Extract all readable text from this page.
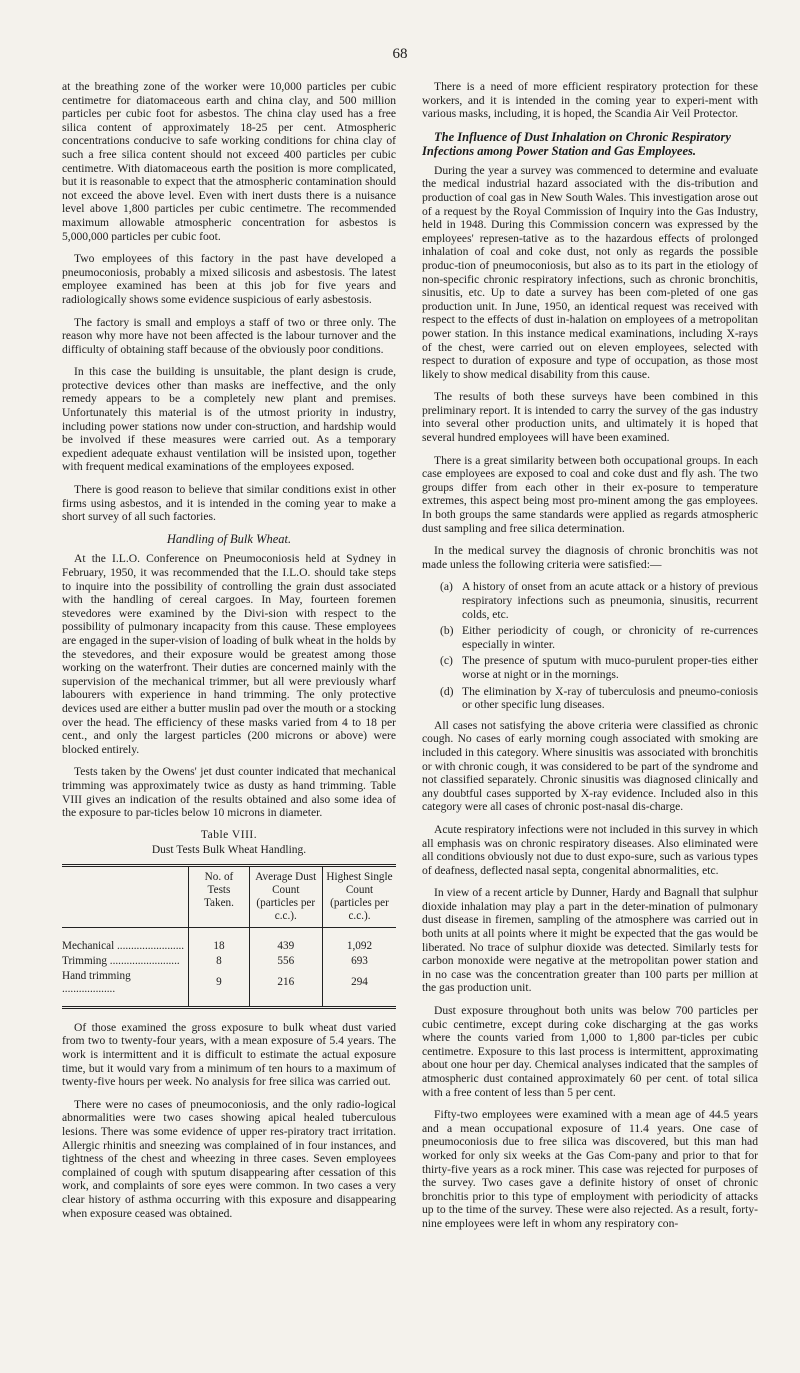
68

at the breathing zone of the worker were 10,000 particles per cubic centimetre for diatomaceous earth and china clay, and 500 million particles per cubic foot for asbestos. The china clay used has a free silica content of approximately 18-25 per cent. Atmospheric concentrations conducive to safe working conditions for china clay of such a free silica content should not exceed 400 particles per cubic centimetre. With diatomaceous earth the position is more complicated, but it is reasonable to expect that the atmospheric contamination should not exceed the above level. Even with inert dusts there is a nuisance level above 1,800 particles per cubic centimetre. The recommended maximum allowable atmospheric concentration for asbestos is 5,000,000 particles per cubic foot.

Two employees of this factory in the past have developed a pneumoconiosis, probably a mixed silicosis and asbestosis. The latest employee examined has been at this job for five years and radiologically shows some evidence suspicious of early asbestosis.

The factory is small and employs a staff of two or three only. The reason why more have not been affected is the labour turnover and the difficulty of obtaining staff because of the obviously poor conditions.

In this case the building is unsuitable, the plant design is crude, protective devices other than masks are ineffective, and the only remedy appears to be a completely new plant and premises. Unfortunately this material is of the utmost priority in industry, including power stations now under con-struction, and hardship would be involved if these measures were carried out. As a temporary expedient adequate exhaust ventilation will be insisted upon, together with frequent medical examinations of the employees exposed.

There is good reason to believe that similar conditions exist in other firms using asbestos, and it is intended in the coming year to make a short survey of all such factories.

Handling of Bulk Wheat.

At the I.L.O. Conference on Pneumoconiosis held at Sydney in February, 1950, it was recommended that the I.L.O. should take steps to inquire into the possibility of controlling the grain dust associated with the handling of cereal cargoes. In May, fourteen foremen stevedores were examined by the Divi-sion with respect to the possibility of pulmonary incapacity from this cause. These employees are engaged in the super-vision of loading of bulk wheat in the holds by the stevedores, and their exposure would be greatest among those working on the waterfront. Their duties are concerned mainly with the supervision of the mechanical trimmer, but all were previously wharf labourers with experience in hand trimming. The only protective devices used are either a butter muslin pad over the mouth or a stocking over the head. The efficiency of these masks varied from 4 to 18 per cent., and only the largest particles (200 microns or above) were blocked entirely.

Tests taken by the Owens' jet dust counter indicated that mechanical trimming was approximately twice as dusty as hand trimming. Table VIII gives an indication of the results obtained and also some idea of the exposure to par-ticles below 10 microns in diameter.

Table VIII.
Dust Tests Bulk Wheat Handling.
	No. of Tests Taken.	Average Dust Count (particles per c.c.).	Highest Single Count (particles per c.c.).
Mechanical ........................	18	439	1,092
Trimming .........................	8	556	693
Hand trimming ...................	9	216	294

Of those examined the gross exposure to bulk wheat dust varied from two to twenty-four years, with a mean exposure of 5.4 years. The work is intermittent and it is difficult to estimate the actual exposure time, but it would vary from a minimum of ten hours to a maximum of twenty-five hours per week. No analysis for free silica was carried out.

There were no cases of pneumoconiosis, and the only radio-logical abnormalities were two cases showing apical healed tuberculous lesions. There was some evidence of upper res-piratory tract irritation. Allergic rhinitis and sneezing was complained of in four instances, and tightness of the chest and wheezing in three cases. Seven employees complained of cough with sputum disappearing after cessation of this work, and complaints of sore eyes were common. In two cases a very clear history of asthma occurring with this exposure and disappearing when exposure ceased was obtained.

There is a need of more efficient respiratory protection for these workers, and it is intended in the coming year to experi-ment with various masks, including, it is hoped, the Scandia Air Veil Protector.

The Influence of Dust Inhalation on Chronic Respiratory Infections among Power Station and Gas Employees.

During the year a survey was commenced to determine and evaluate the medical industrial hazard associated with the dis-tribution and production of coal gas in New South Wales. This investigation arose out of a request by the Royal Commission of Inquiry into the Gas Industry, held in 1948. During this Commission concern was expressed by the employees' represen-tative as to the hazardous effects of prolonged inhalation of coal and coke dust, not only as regards the possible produc-tion of pneumoconiosis, but also as to its part in the etiology of non-specific chronic respiratory infections, such as chronic bronchitis, sinusitis, etc. Up to date a survey has been com-pleted of one gas production unit. In June, 1950, an identical request was received with respect to the effects of dust in-halation on employees of a metropolitan power station. In this instance medical examinations, including X-rays of the chest, were carried out on eleven employees, selected with respect to duration of exposure and type of occupation, as those most likely to show medical disability from this cause.

The results of both these surveys have been combined in this preliminary report. It is intended to carry the survey of the gas industry into several other production units, and ultimately it is hoped that several hundred employees will have been examined.

There is a great similarity between both occupational groups. In each case employees are exposed to coal and coke dust and fly ash. The two groups differ from each other in their ex-posure to temperature extremes, this aspect being most pro-minent among the gas employees. In both groups the same standards were applied as regards atmospheric dust sampling and free silica determination.

In the medical survey the diagnosis of chronic bronchitis was not made unless the following criteria were satisfied:—

(a) A history of onset from an acute attack or a history of previous respiratory infections such as pneumonia, sinusitis, recurrent colds, etc.
(b) Either periodicity of cough, or chronicity of re-currences especially in winter.
(c) The presence of sputum with muco-purulent proper-ties either worse at night or in the mornings.
(d) The elimination by X-ray of tuberculosis and pneumo-coniosis or other specific lung diseases.

All cases not satisfying the above criteria were classified as chronic cough. No cases of early morning cough associated with smoking are included in this category. Where sinusitis was associated with bronchitis or with chronic cough, it was considered to be part of the syndrome and not classified separately. Chronic sinusitis was diagnosed clinically and any doubtful cases supported by X-ray evidence. Included also in this category were all cases of chronic post-nasal dis-charge.

Acute respiratory infections were not included in this survey in which all emphasis was on chronic respiratory diseases. Also eliminated were all conditions obviously not due to dust expo-sure, such as various types of deafness, deflected nasal septa, congenital abnormalities, etc.

In view of a recent article by Dunner, Hardy and Bagnall that sulphur dioxide inhalation may play a part in the deter-mination of pulmonary dust disease in firemen, sampling of the atmosphere was carried out in both units at all points where it might be expected that the gas would be liberated. No trace of sulphur dioxide was detected. Similarly tests for carbon monoxide were negative at the metropolitan power station and in no case was the concentration greater than 100 parts per million at the gas production unit.

Dust exposure throughout both units was below 700 particles per cubic centimetre, except during coke discharging at the gas works where the counts varied from 1,000 to 1,800 par-ticles per cubic centimetre. Exposure to this last process is intermittent, approximating about one hour per day. Chemical analyses indicated that the samples of atmospheric dust contained approximately 60 per cent. of total silica with a free content of less than 5 per cent.

Fifty-two employees were examined with a mean age of 44.5 years and a mean occupational exposure of 11.4 years. One case of pneumoconiosis due to free silica was discovered, but this man had worked for only six weeks at the Gas Com-pany and prior to that for thirty-five years as a rock miner. This case was rejected for purposes of the survey. Two cases gave a definite history of onset of chronic bronchitis prior to this type of employment with periodicity of attacks up to the time of the survey. These were also rejected. As a result, forty-nine employees were left in whom any respiratory con-
